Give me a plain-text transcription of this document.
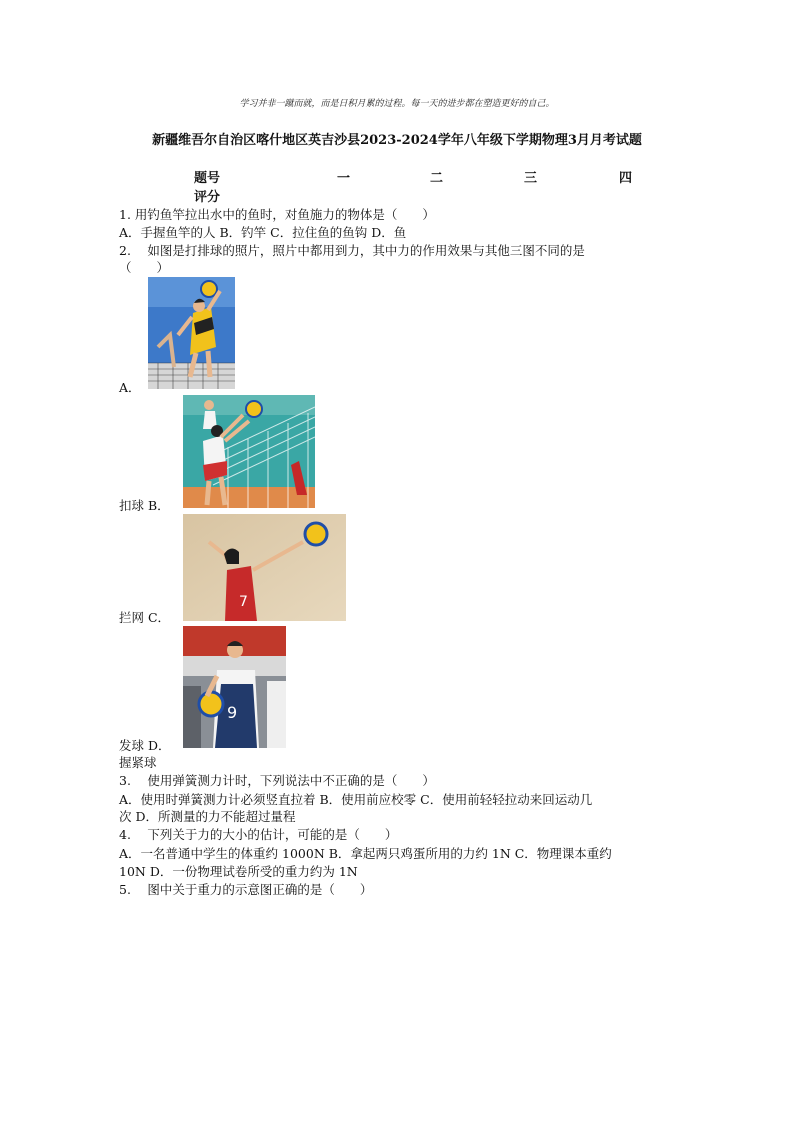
学习并非一蹴而就，而是日积月累的过程。每一天的进步都在塑造更好的自己。
新疆维吾尔自治区喀什地区英吉沙县2023-2024学年八年级下学期物理3月月考试题
题号	一	二	三	四
评分
1. 用钓鱼竿拉出水中的鱼时，对鱼施力的物体是（　　）
A．手握鱼竿的人 B．钓竿 C．拉住鱼的鱼钩 D．鱼
2.　 如图是打排球的照片，照片中都用到力，其中力的作用效果与其他三图不同的是
（　　）
A．
扣球 B．
7
拦网 C．
9
发球 D．
握紧球
3.　 使用弹簧测力计时，下列说法中不正确的是（　　）
A．使用时弹簧测力计必须竖直拉着 B．使用前应校零 C．使用前轻轻拉动来回运动几
次 D．所测量的力不能超过量程
4.　 下列关于力的大小的估计，可能的是（　　）
A．一名普通中学生的体重约 1000N B．拿起两只鸡蛋所用的力约 1N C．物理课本重约
10N D．一份物理试卷所受的重力约为 1N
5.　 图中关于重力的示意图正确的是（　　）
